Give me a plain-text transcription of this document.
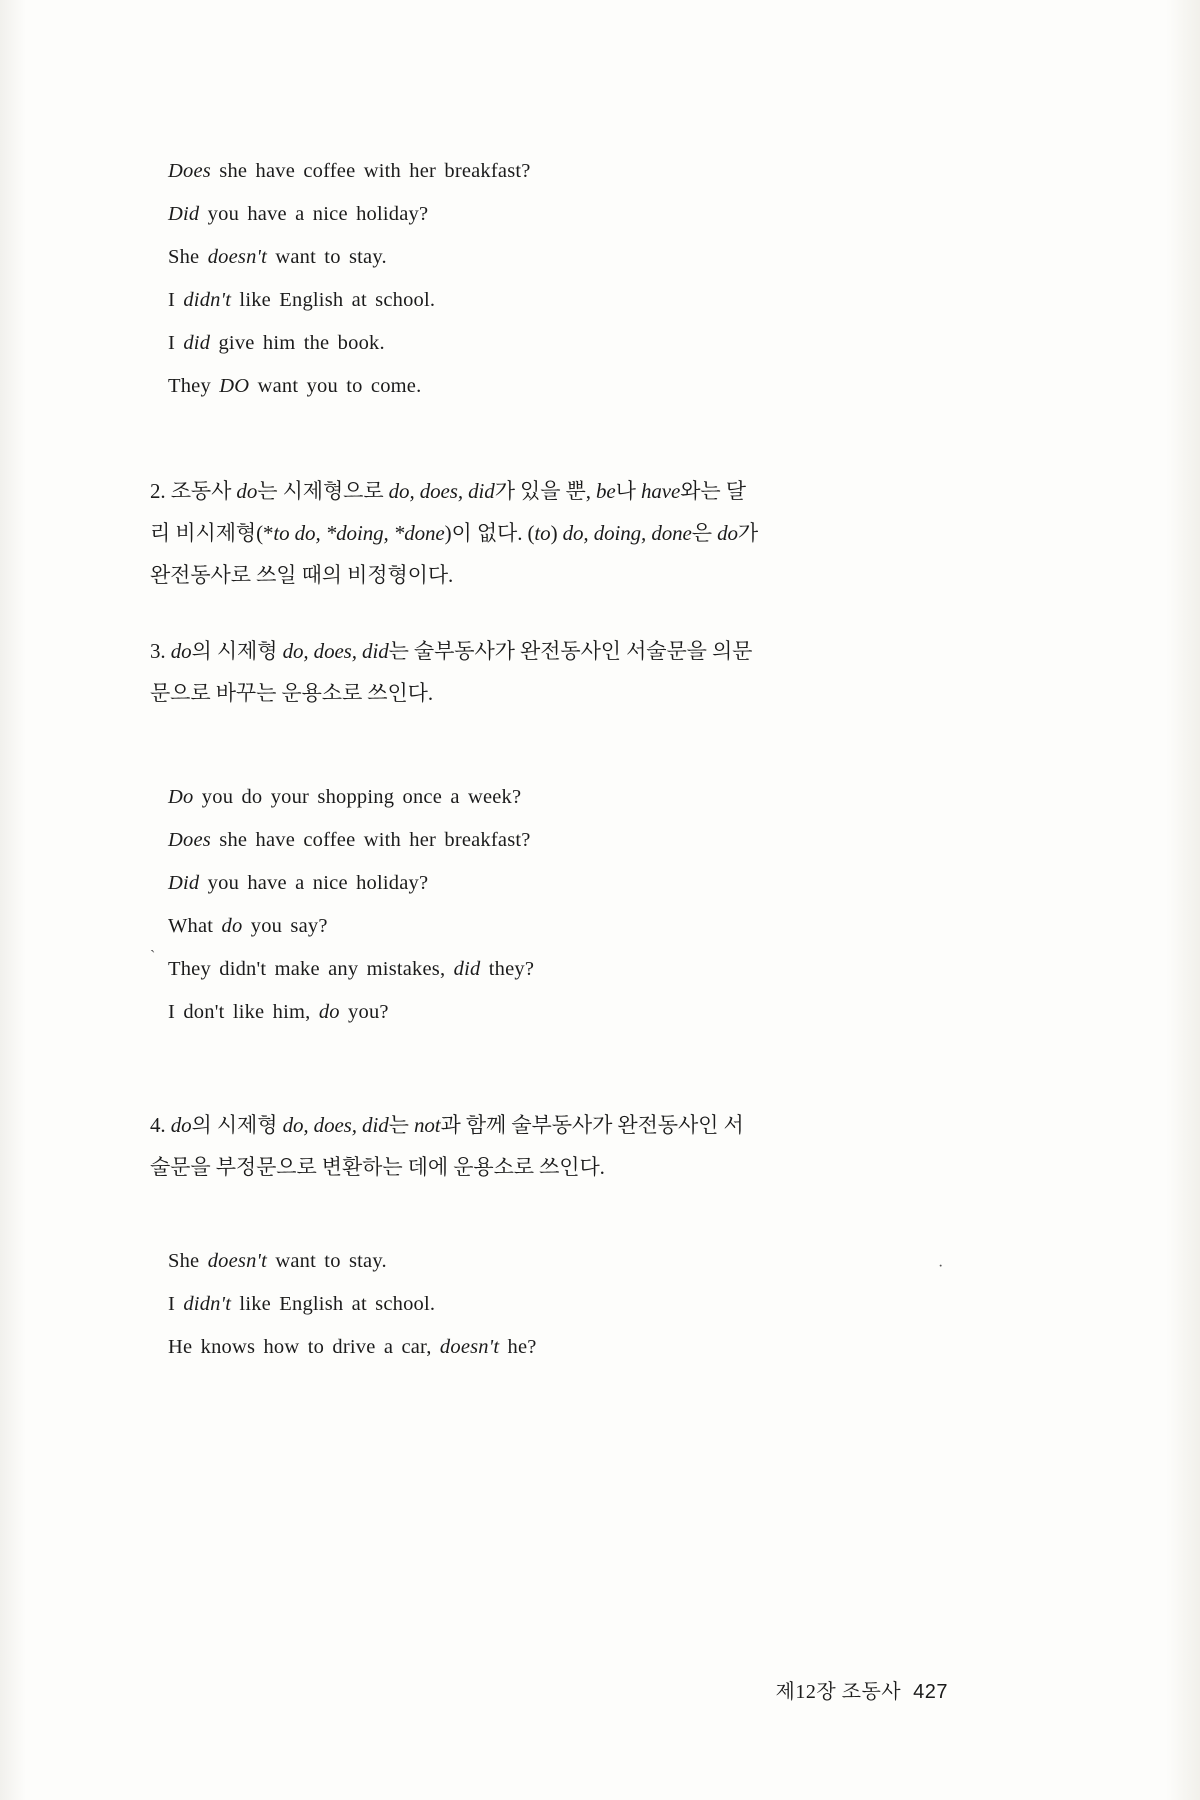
`
·
Does she have coffee with her breakfast?
Did you have a nice holiday?
She doesn't want to stay.
I didn't like English at school.
I did give him the book.
They DO want you to come.
2. 조동사 do는 시제형으로 do, does, did가 있을 뿐, be나 have와는 달
리 비시제형(*to do, *doing, *done)이 없다. (to) do, doing, done은 do가
완전동사로 쓰일 때의 비정형이다.
3. do의 시제형 do, does, did는 술부동사가 완전동사인 서술문을 의문
문으로 바꾸는 운용소로 쓰인다.
Do you do your shopping once a week?
Does she have coffee with her breakfast?
Did you have a nice holiday?
What do you say?
They didn't make any mistakes, did they?
I don't like him, do you?
4. do의 시제형 do, does, did는 not과 함께 술부동사가 완전동사인 서
술문을 부정문으로 변환하는 데에 운용소로 쓰인다.
She doesn't want to stay.
I didn't like English at school.
He knows how to drive a car, doesn't he?
제12장 조동사 427
